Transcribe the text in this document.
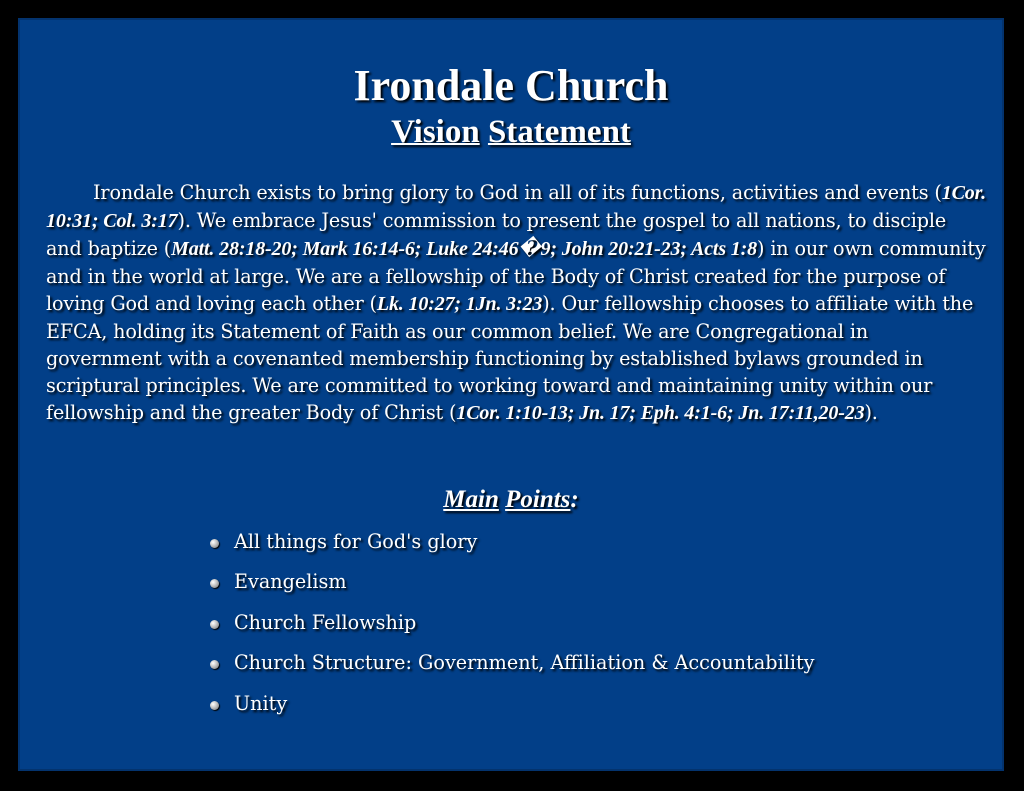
Irondale Church
Vision Statement

Irondale Church exists to bring glory to God in all of its functions, activities and events (1Cor. 10:31; Col. 3:17). We embrace Jesus' commission to present the gospel to all nations, to disciple and baptize (Matt. 28:18-20; Mark 16:14-6; Luke 24:46�9; John 20:21-23; Acts 1:8) in our own community and in the world at large. We are a fellowship of the Body of Christ created for the purpose of loving God and loving each other (Lk. 10:27; 1Jn. 3:23). Our fellowship chooses to affiliate with the EFCA, holding its Statement of Faith as our common belief. We are Congregational in government with a covenanted membership functioning by established bylaws grounded in scriptural principles. We are committed to working toward and maintaining unity within our fellowship and the greater Body of Christ (1Cor. 1:10-13; Jn. 17; Eph. 4:1-6; Jn. 17:11,20-23).

Main Points:
All things for God's glory
Evangelism
Church Fellowship
Church Structure: Government, Affiliation & Accountability
Unity
